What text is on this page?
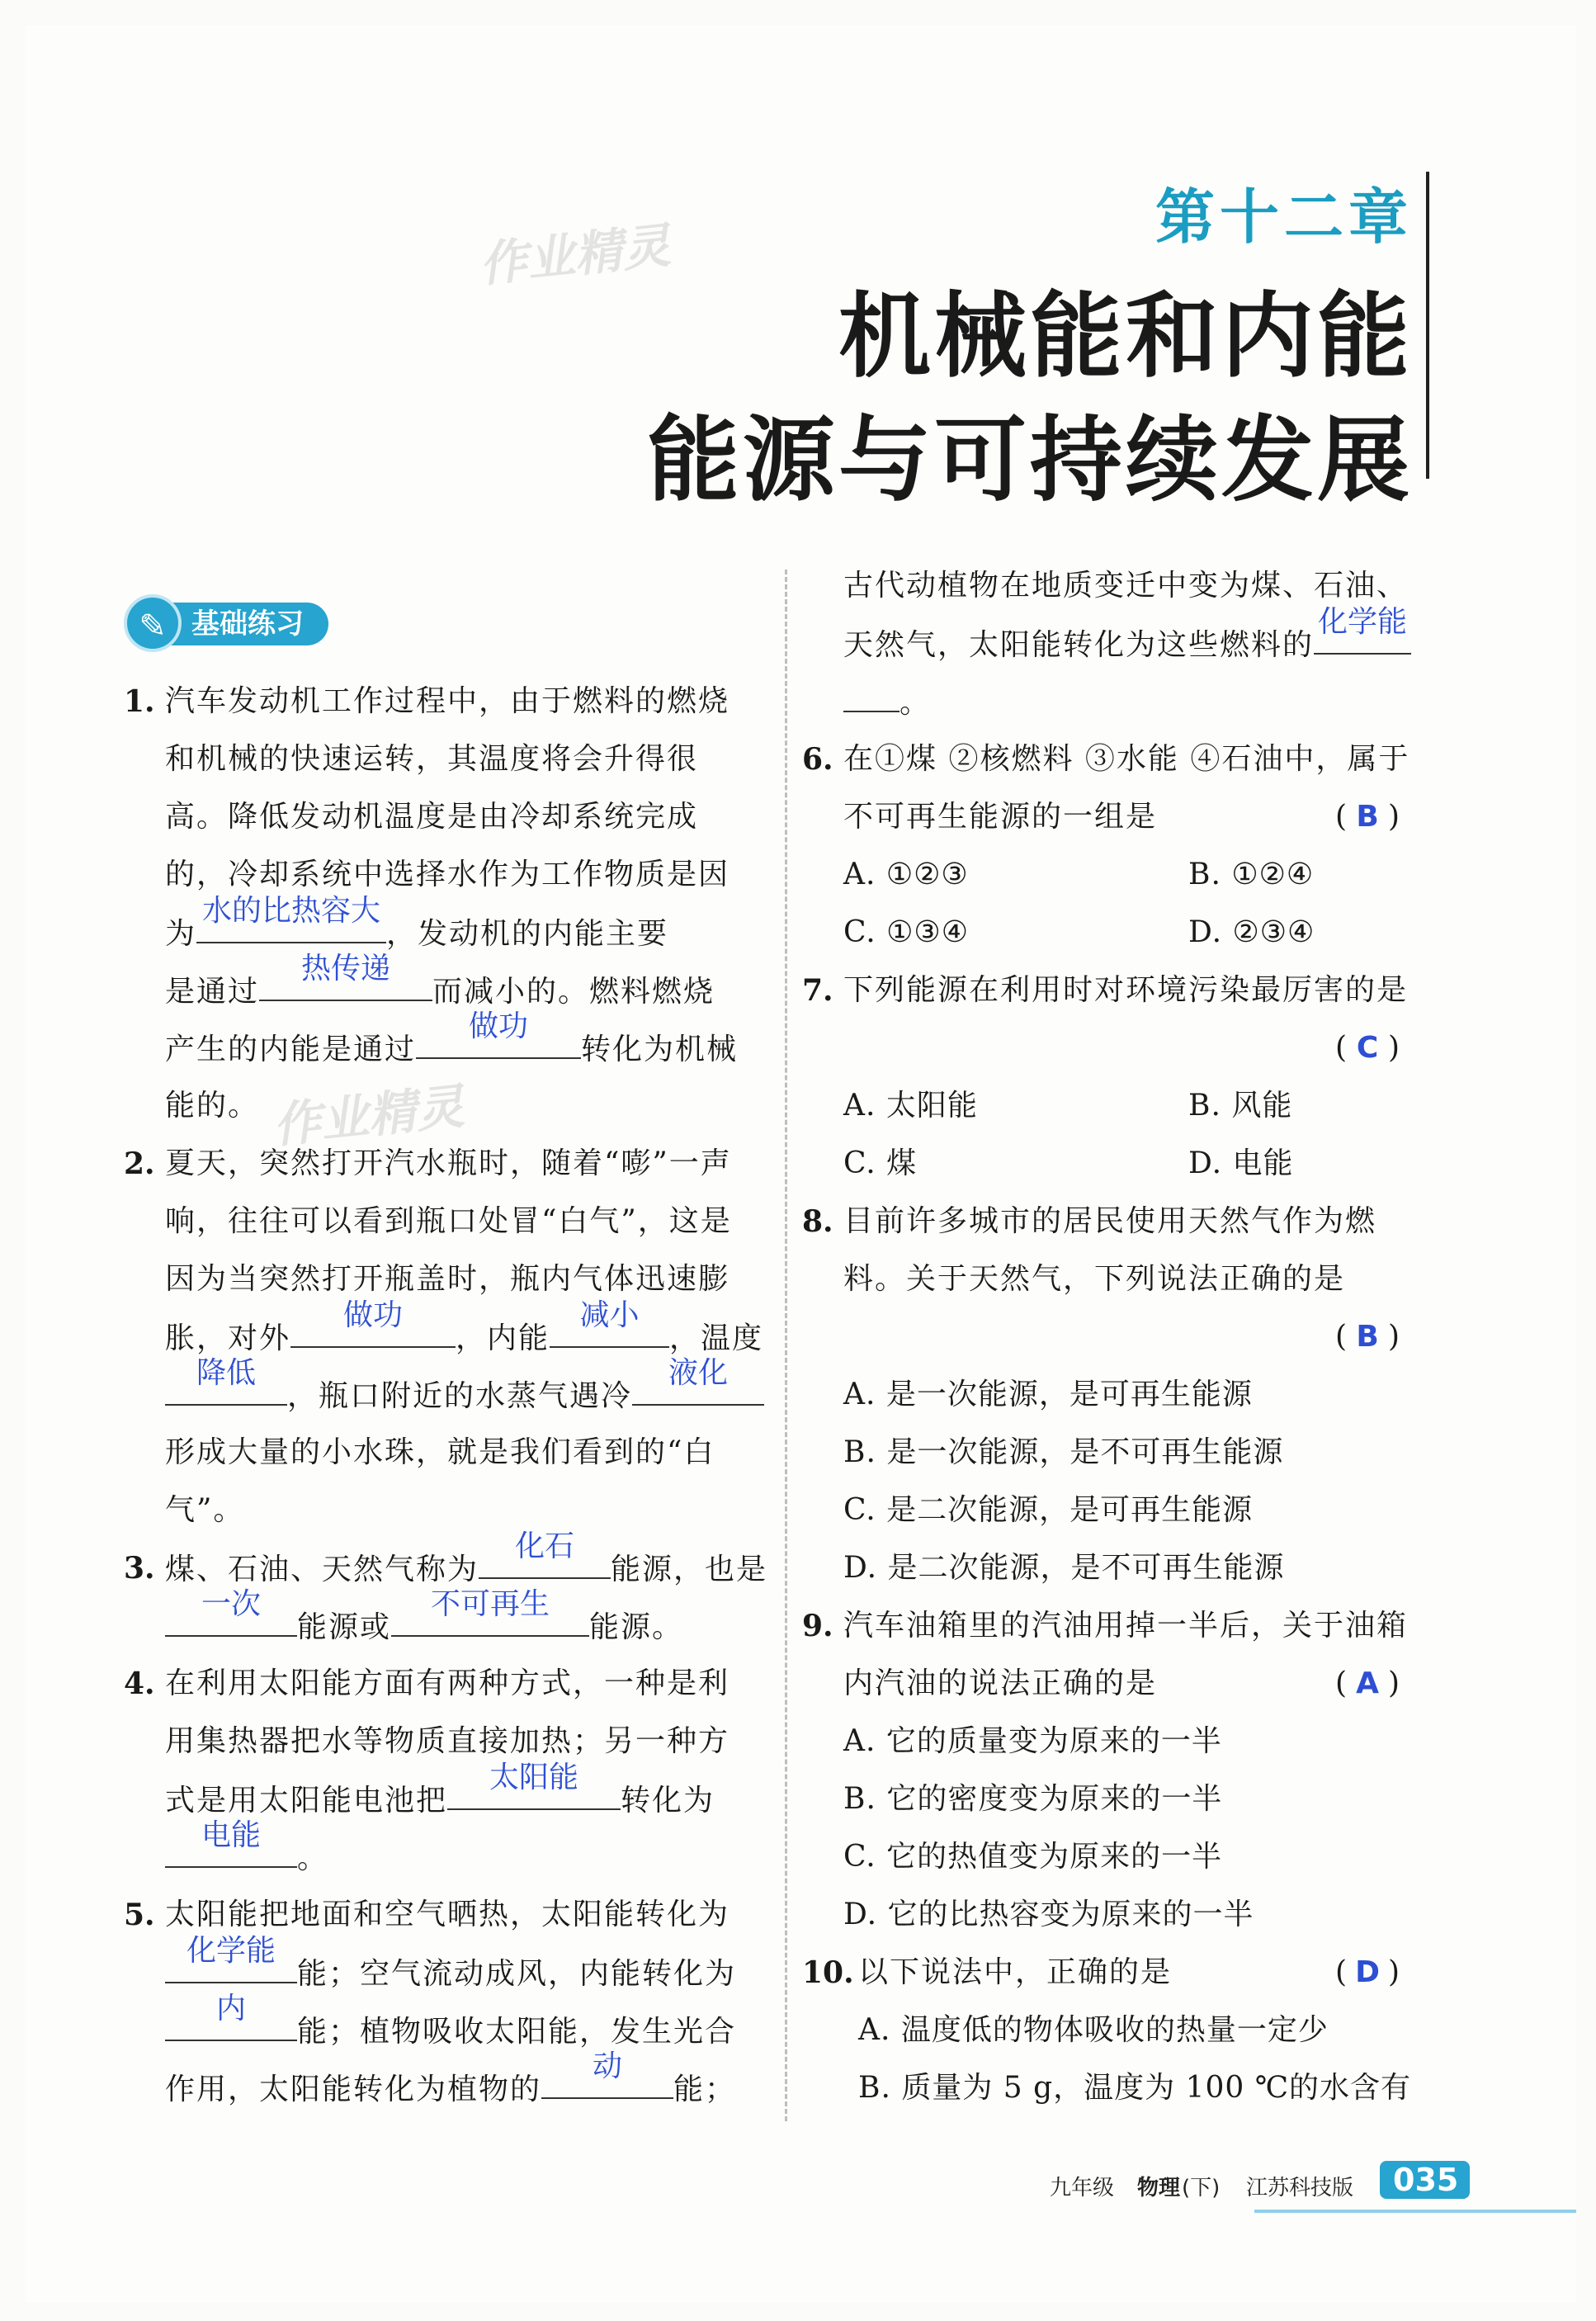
第十二章
机械能和内能
能源与可持续发展
作业精灵
作业精灵
基础练习
✎
1. 汽车发动机工作过程中，由于燃料的燃烧
和机械的快速运转，其温度将会升得很
高。降低发动机温度是由冷却系统完成
的，冷却系统中选择水作为工作物质是因
为
水的比热容大
，发动机的内能主要
是通过
热传递
而减小的。燃料燃烧
产生的内能是通过
做功
转化为机械
能的。
2. 夏天，突然打开汽水瓶时，随着“嘭”一声
响，往往可以看到瓶口处冒“白气”，这是
因为当突然打开瓶盖时，瓶内气体迅速膨
胀，对外
做功
，内能
减小
，温度
降低
，瓶口附近的水蒸气遇冷
液化
形成大量的小水珠，就是我们看到的“白
气”。
3. 煤、石油、天然气称为
化石
能源，也是
一次
能源或
不可再生
能源。
4. 在利用太阳能方面有两种方式，一种是利
用集热器把水等物质直接加热；另一种方
式是用太阳能电池把
太阳能
转化为
电能
。
5. 太阳能把地面和空气晒热，太阳能转化为
化学能
能；空气流动成风，内能转化为
内
能；植物吸收太阳能，发生光合
作用，太阳能转化为植物的
动
能；
古代动植物在地质变迁中变为煤、石油、
天然气，太阳能转化为这些燃料的
化学能
。
6. 在①煤 ②核燃料 ③水能 ④石油中，属于
不可再生能源的一组是	( B )
A. ①②③	B. ①②④
C. ①③④	D. ②③④
7. 下列能源在利用时对环境污染最厉害的是
( C )
A. 太阳能	B. 风能
C. 煤	D. 电能
8. 目前许多城市的居民使用天然气作为燃
料。关于天然气，下列说法正确的是
( B )
A. 是一次能源，是可再生能源
B. 是一次能源，是不可再生能源
C. 是二次能源，是可再生能源
D. 是二次能源，是不可再生能源
9. 汽车油箱里的汽油用掉一半后，关于油箱
内汽油的说法正确的是	( A )
A. 它的质量变为原来的一半
B. 它的密度变为原来的一半
C. 它的热值变为原来的一半
D. 它的比热容变为原来的一半
10. 以下说法中，正确的是	( D )
A. 温度低的物体吸收的热量一定少
B. 质量为 5 g，温度为 100 ℃的水含有
九年级 物理 (下) 江苏科技版	035
